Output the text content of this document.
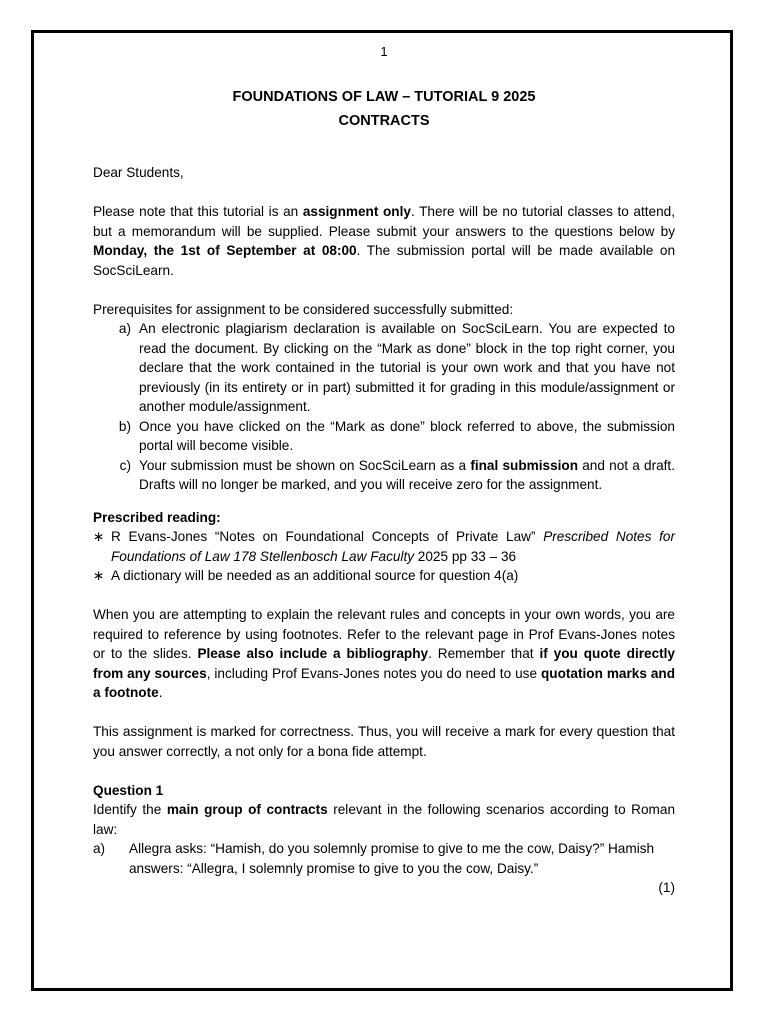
1
FOUNDATIONS OF LAW – TUTORIAL 9 2025
CONTRACTS

Dear Students,

Please note that this tutorial is an assignment only. There will be no tutorial classes to attend, but a memorandum will be supplied. Please submit your answers to the questions below by Monday, the 1st of September at 08:00. The submission portal will be made available on SocSciLearn.

Prerequisites for assignment to be considered successfully submitted:

a) An electronic plagiarism declaration is available on SocSciLearn. You are expected to read the document. By clicking on the “Mark as done” block in the top right corner, you declare that the work contained in the tutorial is your own work and that you have not previously (in its entirety or in part) submitted it for grading in this module/assignment or another module/assignment.
b) Once you have clicked on the “Mark as done” block referred to above, the submission portal will become visible.
c) Your submission must be shown on SocSciLearn as a final submission and not a draft. Drafts will no longer be marked, and you will receive zero for the assignment.

Prescribed reading:

∗ R Evans-Jones “Notes on Foundational Concepts of Private Law” Prescribed Notes for Foundations of Law 178 Stellenbosch Law Faculty 2025 pp 33 – 36
∗ A dictionary will be needed as an additional source for question 4(a)

When you are attempting to explain the relevant rules and concepts in your own words, you are required to reference by using footnotes. Refer to the relevant page in Prof Evans-Jones notes or to the slides. Please also include a bibliography. Remember that if you quote directly from any sources, including Prof Evans-Jones notes you do need to use quotation marks and a footnote.

This assignment is marked for correctness. Thus, you will receive a mark for every question that you answer correctly, a not only for a bona fide attempt.

Question 1

Identify the main group of contracts relevant in the following scenarios according to Roman law:

a)	Allegra asks: “Hamish, do you solemnly promise to give to me the cow, Daisy?” Hamish answers: “Allegra, I solemnly promise to give to you the cow, Daisy.”

(1)
